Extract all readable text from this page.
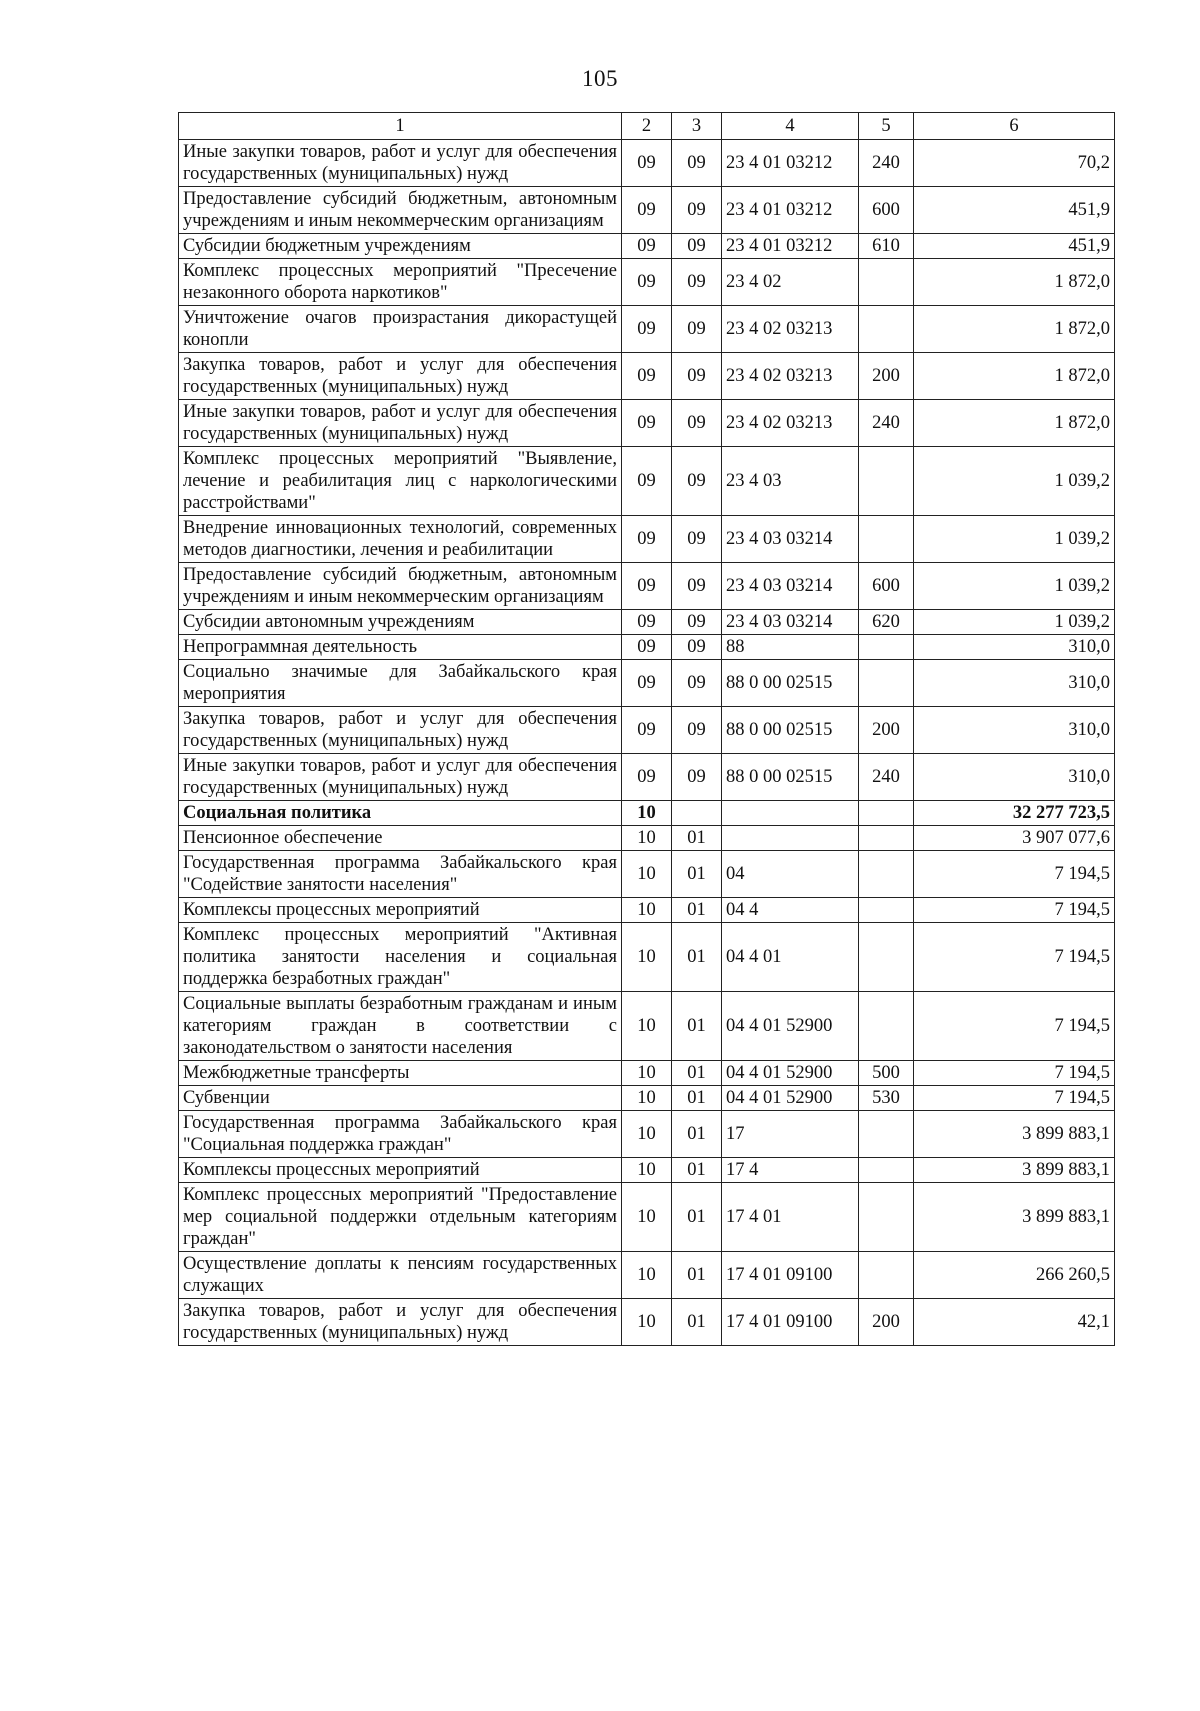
105
1	2	3	4	5	6
Иные закупки товаров, работ и услуг для обеспечения государственных (муниципальных) нужд	09	09	23 4 01 03212	240	70,2
Предоставление субсидий бюджетным, автономным учреждениям и иным некоммерческим организациям	09	09	23 4 01 03212	600	451,9
Субсидии бюджетным учреждениям	09	09	23 4 01 03212	610	451,9
Комплекс процессных мероприятий "Пресечение незаконного оборота наркотиков"	09	09	23 4 02		1 872,0
Уничтожение очагов произрастания дикорастущей конопли	09	09	23 4 02 03213		1 872,0
Закупка товаров, работ и услуг для обеспечения государственных (муниципальных) нужд	09	09	23 4 02 03213	200	1 872,0
Иные закупки товаров, работ и услуг для обеспечения государственных (муниципальных) нужд	09	09	23 4 02 03213	240	1 872,0
Комплекс процессных мероприятий "Выявление, лечение и реабилитация лиц с наркологическими расстройствами"	09	09	23 4 03		1 039,2
Внедрение инновационных технологий, современных методов диагностики, лечения и реабилитации	09	09	23 4 03 03214		1 039,2
Предоставление субсидий бюджетным, автономным учреждениям и иным некоммерческим организациям	09	09	23 4 03 03214	600	1 039,2
Субсидии автономным учреждениям	09	09	23 4 03 03214	620	1 039,2
Непрограммная деятельность	09	09	88		310,0
Социально значимые для Забайкальского края мероприятия	09	09	88 0 00 02515		310,0
Закупка товаров, работ и услуг для обеспечения государственных (муниципальных) нужд	09	09	88 0 00 02515	200	310,0
Иные закупки товаров, работ и услуг для обеспечения государственных (муниципальных) нужд	09	09	88 0 00 02515	240	310,0
Социальная политика	10				32 277 723,5
Пенсионное обеспечение	10	01			3 907 077,6
Государственная программа Забайкальского края "Содействие занятости населения"	10	01	04		7 194,5
Комплексы процессных мероприятий	10	01	04 4		7 194,5
Комплекс процессных мероприятий "Активная политика занятости населения и социальная поддержка безработных граждан"	10	01	04 4 01		7 194,5
Социальные выплаты безработным гражданам и иным категориям граждан в соответствии с законодательством о занятости населения	10	01	04 4 01 52900		7 194,5
Межбюджетные трансферты	10	01	04 4 01 52900	500	7 194,5
Субвенции	10	01	04 4 01 52900	530	7 194,5
Государственная программа Забайкальского края "Социальная поддержка граждан"	10	01	17		3 899 883,1
Комплексы процессных мероприятий	10	01	17 4		3 899 883,1
Комплекс процессных мероприятий "Предоставление мер социальной поддержки отдельным категориям граждан"	10	01	17 4 01		3 899 883,1
Осуществление доплаты к пенсиям государственных служащих	10	01	17 4 01 09100		266 260,5
Закупка товаров, работ и услуг для обеспечения государственных (муниципальных) нужд	10	01	17 4 01 09100	200	42,1
